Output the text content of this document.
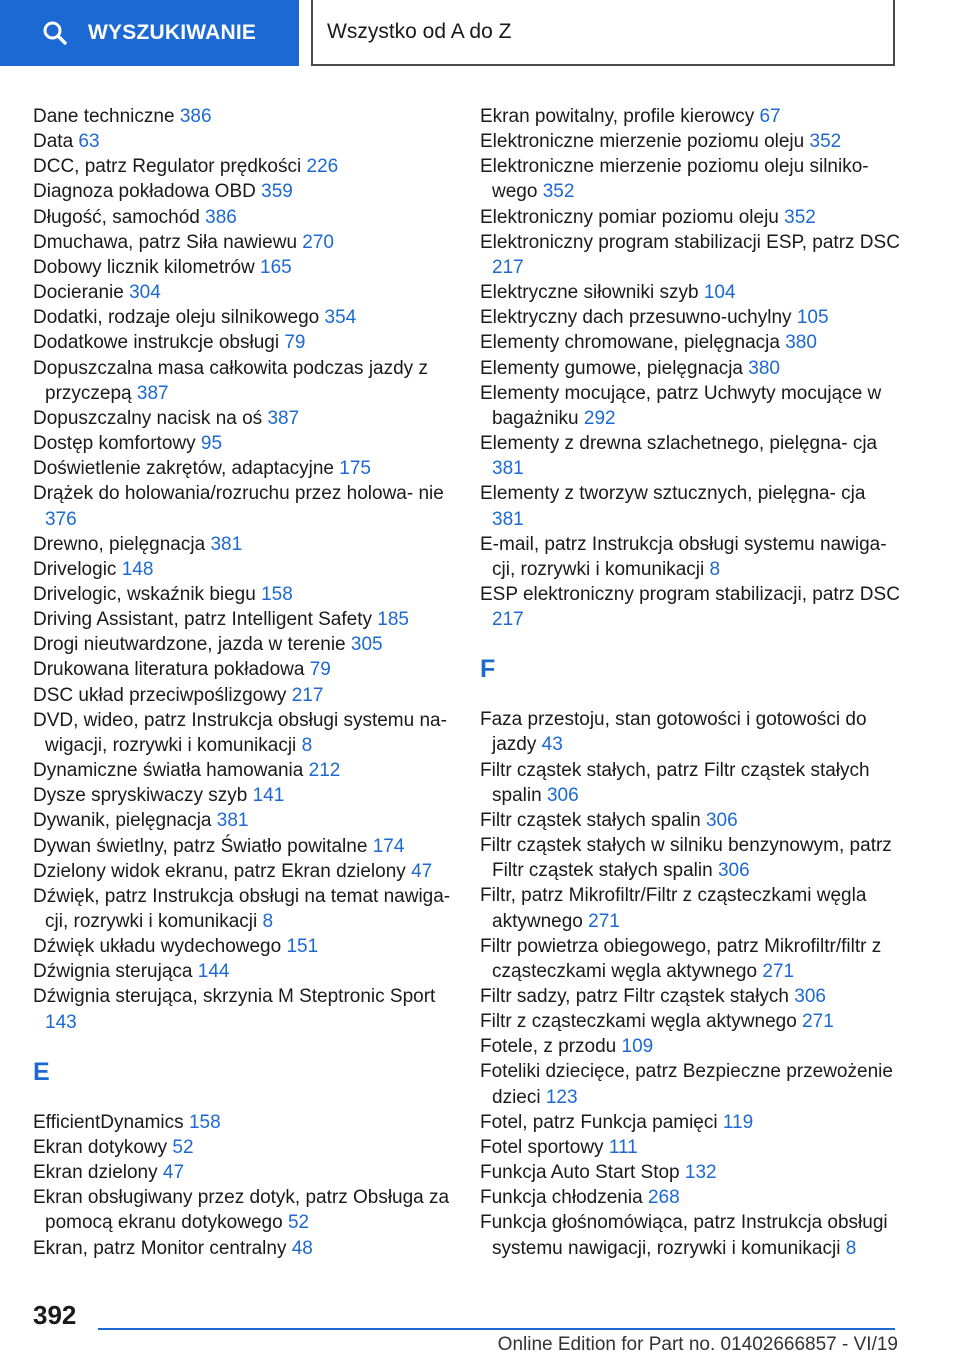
WYSZUKIWANIE	Wszystko od A do Z
Dane techniczne 386
Data 63
DCC, patrz Regulator prędkości 226
Diagnoza pokładowa OBD 359
Długość, samochód 386
Dmuchawa, patrz Siła nawiewu 270
Dobowy licznik kilometrów 165
Docieranie 304
Dodatki, rodzaje oleju silnikowego 354
Dodatkowe instrukcje obsługi 79
Dopuszczalna masa całkowita podczas jazdy z przyczepą 387
Dopuszczalny nacisk na oś 387
Dostęp komfortowy 95
Doświetlenie zakrętów, adaptacyjne 175
Drążek do holowania/rozruchu przez holowa- nie 376
Drewno, pielęgnacja 381
Drivelogic 148
Drivelogic, wskaźnik biegu 158
Driving Assistant, patrz Intelligent Safety 185
Drogi nieutwardzone, jazda w terenie 305
Drukowana literatura pokładowa 79
DSC układ przeciwpoślizgowy 217
DVD, wideo, patrz Instrukcja obsługi systemu na- wigacji, rozrywki i komunikacji 8
Dynamiczne światła hamowania 212
Dysze spryskiwaczy szyb 141
Dywanik, pielęgnacja 381
Dywan świetlny, patrz Światło powitalne 174
Dzielony widok ekranu, patrz Ekran dzielony 47
Dźwięk, patrz Instrukcja obsługi na temat nawiga- cji, rozrywki i komunikacji 8
Dźwięk układu wydechowego 151
Dźwignia sterująca 144
Dźwignia sterująca, skrzynia M Steptronic Sport 143
E
EfficientDynamics 158
Ekran dotykowy 52
Ekran dzielony 47
Ekran obsługiwany przez dotyk, patrz Obsługa za pomocą ekranu dotykowego 52
Ekran, patrz Monitor centralny 48
Ekran powitalny, profile kierowcy 67
Elektroniczne mierzenie poziomu oleju 352
Elektroniczne mierzenie poziomu oleju silniko- wego 352
Elektroniczny pomiar poziomu oleju 352
Elektroniczny program stabilizacji ESP, patrz DSC 217
Elektryczne siłowniki szyb 104
Elektryczny dach przesuwno-uchylny 105
Elementy chromowane, pielęgnacja 380
Elementy gumowe, pielęgnacja 380
Elementy mocujące, patrz Uchwyty mocujące w bagażniku 292
Elementy z drewna szlachetnego, pielęgna- cja 381
Elementy z tworzyw sztucznych, pielęgna- cja 381
E-mail, patrz Instrukcja obsługi systemu nawiga- cji, rozrywki i komunikacji 8
ESP elektroniczny program stabilizacji, patrz DSC 217
F
Faza przestoju, stan gotowości i gotowości do jazdy 43
Filtr cząstek stałych, patrz Filtr cząstek stałych spalin 306
Filtr cząstek stałych spalin 306
Filtr cząstek stałych w silniku benzynowym, patrz Filtr cząstek stałych spalin 306
Filtr, patrz Mikrofiltr/Filtr z cząsteczkami węgla aktywnego 271
Filtr powietrza obiegowego, patrz Mikrofiltr/filtr z cząsteczkami węgla aktywnego 271
Filtr sadzy, patrz Filtr cząstek stałych 306
Filtr z cząsteczkami węgla aktywnego 271
Fotele, z przodu 109
Foteliki dziecięce, patrz Bezpieczne przewożenie dzieci 123
Fotel, patrz Funkcja pamięci 119
Fotel sportowy 111
Funkcja Auto Start Stop 132
Funkcja chłodzenia 268
Funkcja głośnomówiąca, patrz Instrukcja obsługi systemu nawigacji, rozrywki i komunikacji 8
392
Online Edition for Part no. 01402666857 - VI/19
